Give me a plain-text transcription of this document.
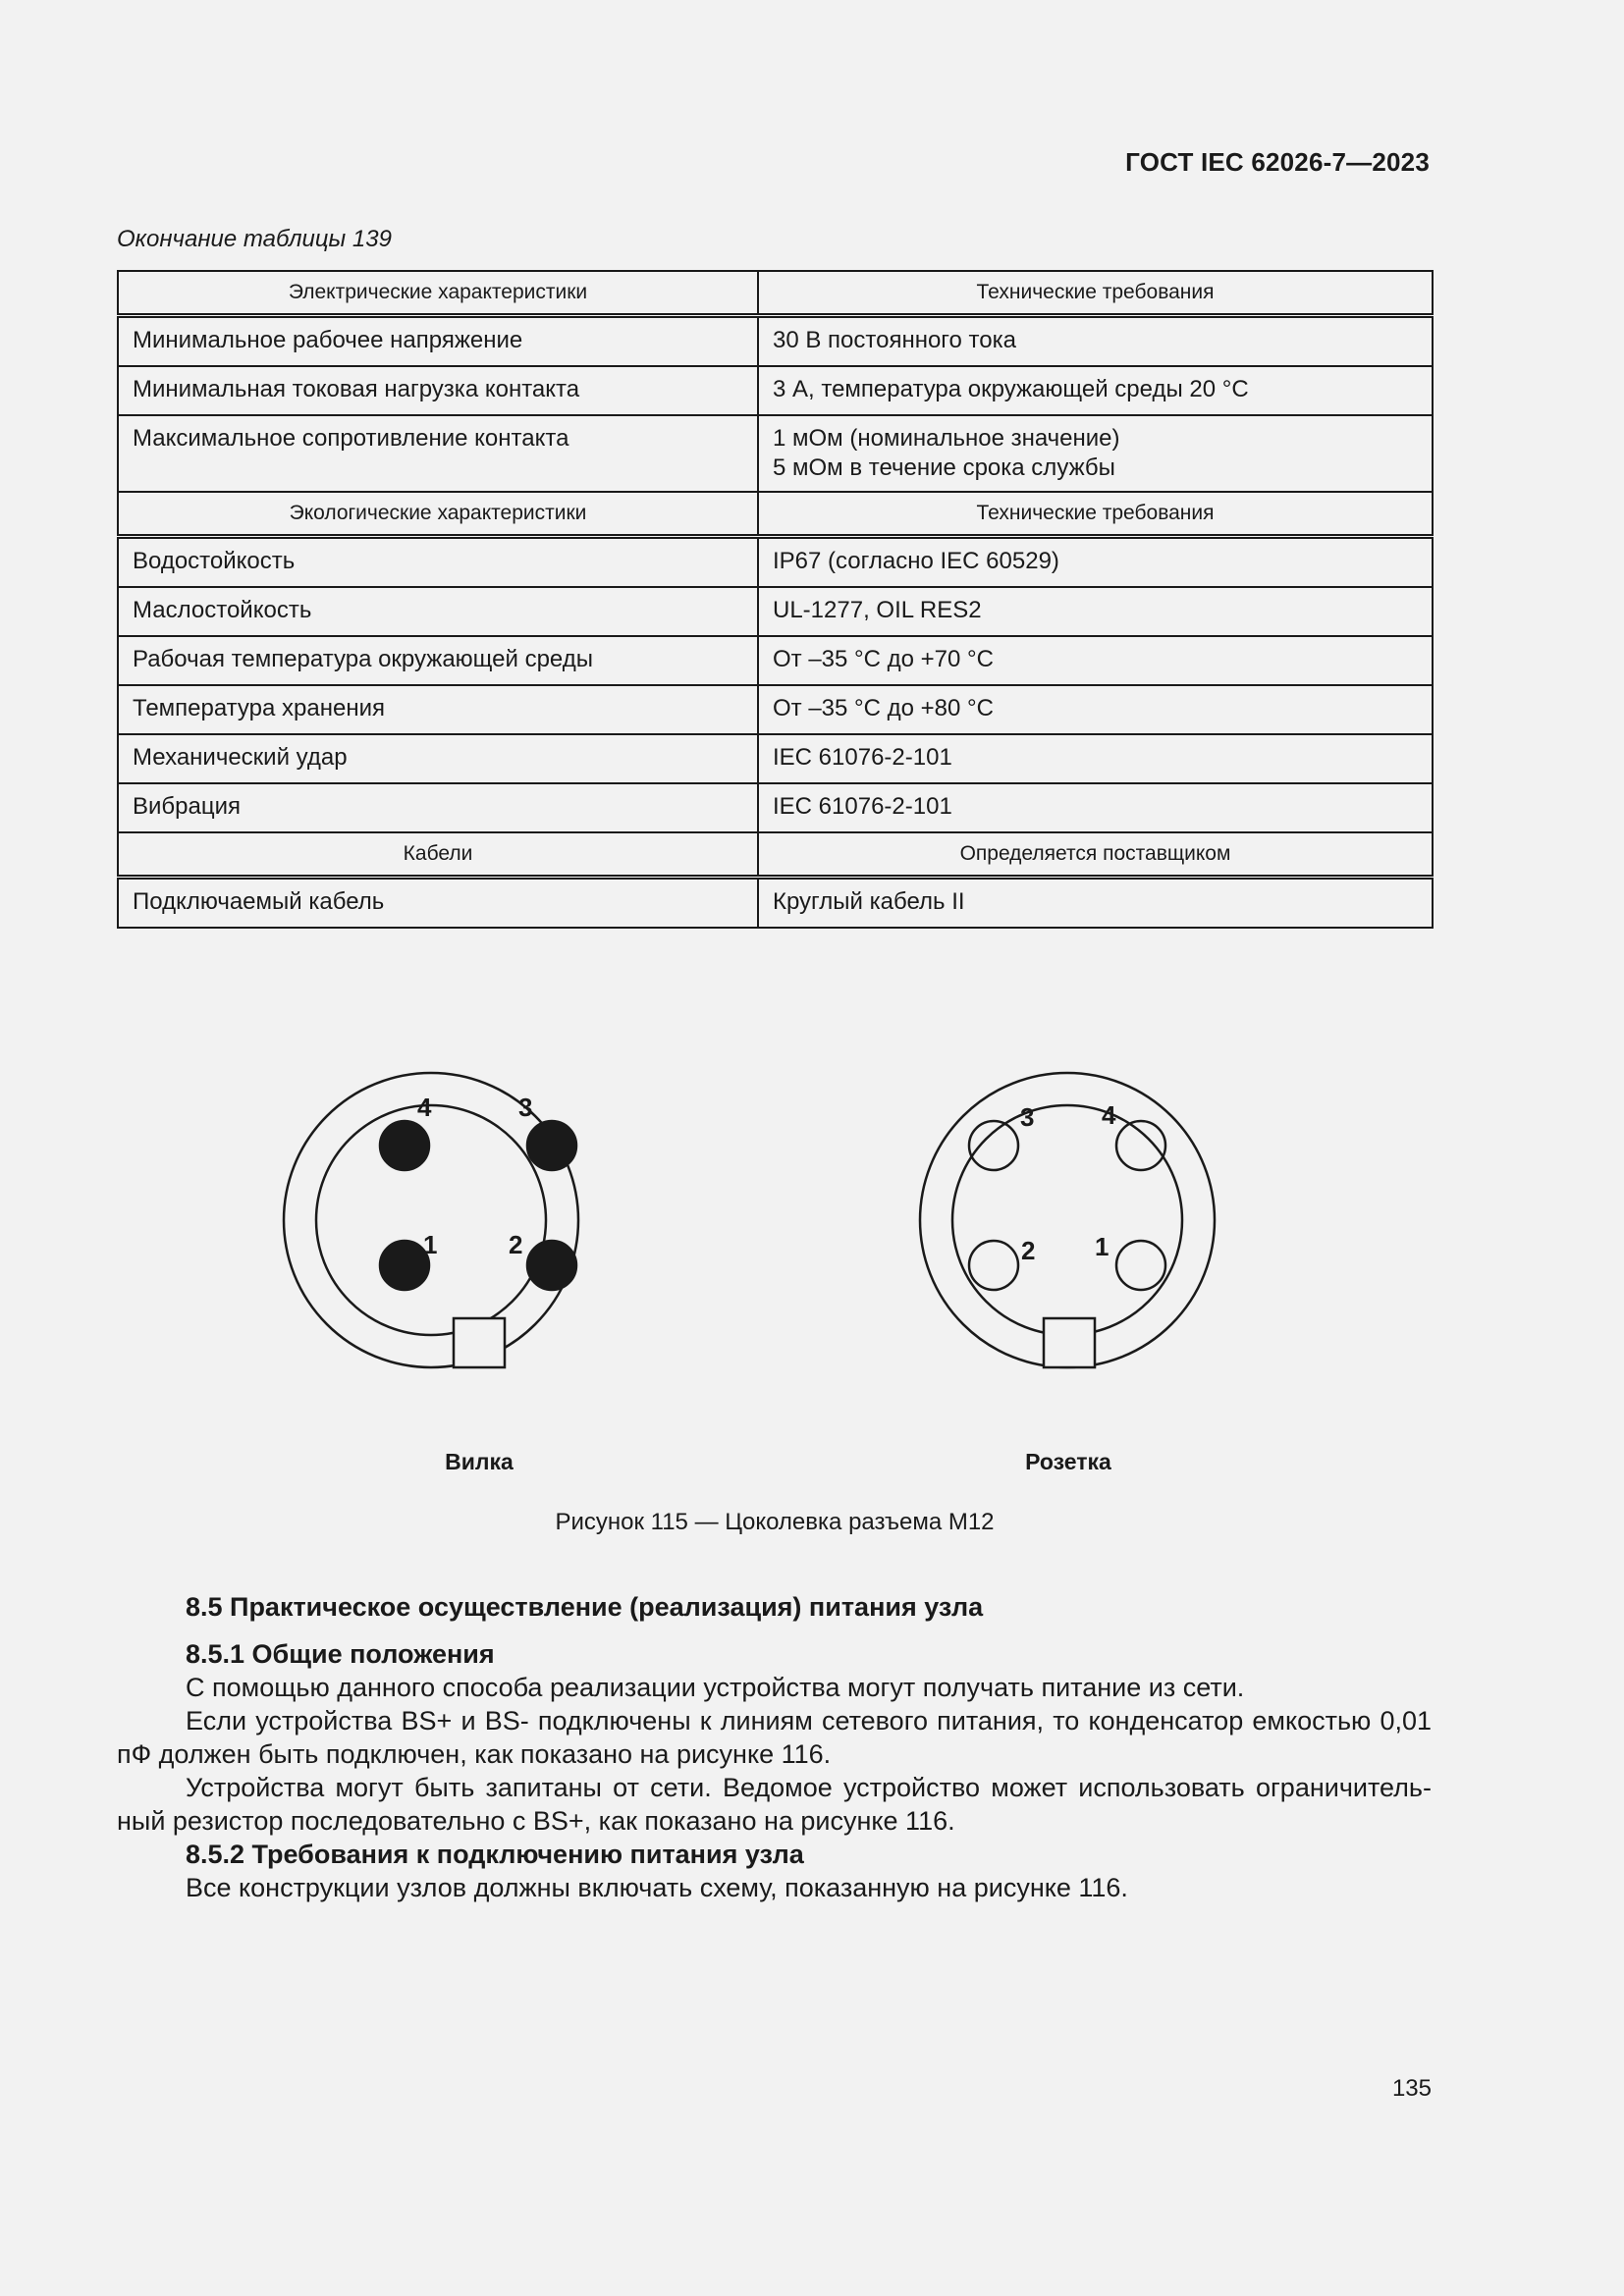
ГОСТ IEC 62026-7—2023
Окончание таблицы 139
Электрические характеристики	Технические требования
Минимальное рабочее напряжение	30 В постоянного тока
Минимальная токовая нагрузка контакта	3 А, температура окружающей среды 20 °C
Максимальное сопротивление контакта	1 мОм (номинальное значение)
5 мОм в течение срока службы

Экологические характеристики	Технические требования
Водостойкость	IP67 (согласно IEC 60529)
Маслостойкость	UL-1277, OIL RES2
Рабочая температура окружающей среды	От –35 °C до +70 °C
Температура хранения	От –35 °C до +80 °C
Механический удар	IEC 61076-2-101
Вибрация	IEC 61076-2-101
Кабели	Определяется поставщиком
Подключаемый кабель	Круглый кабель II
4	3
1	2
3	4
2 1
Вилка	Розетка
Рисунок 115 — Цоколевка разъема M12
8.5 Практическое осуществление (реализация) питания узла
8.5.1 Общие положения

С помощью данного способа реализации устройства могут получать питание из сети.

Если устройства BS+ и BS- подключены к линиям сетевого питания, то конденсатор емкостью 0,01 пФ должен быть подключен, как показано на рисунке 116.

Устройства могут быть запитаны от сети. Ведомое устройство может использовать ограничительный резистор последовательно с BS+, как показано на рисунке 116.

8.5.2 Требования к подключению питания узла

Все конструкции узлов должны включать схему, показанную на рисунке 116.

135
